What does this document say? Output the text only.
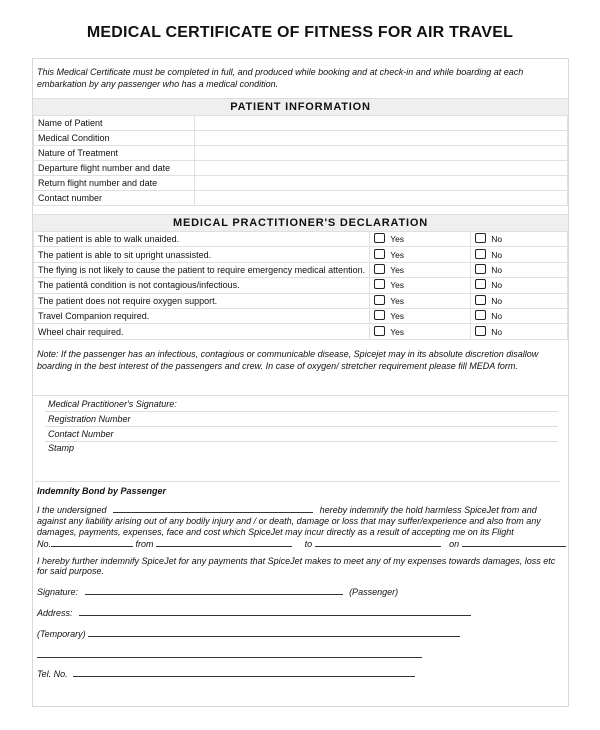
MEDICAL CERTIFICATE OF FITNESS FOR AIR TRAVEL
This Medical Certificate must be completed in full, and produced while booking and at check-in and while boarding at each
embarkation by any passenger who has a medical condition.
PATIENT INFORMATION
Name of Patient	
Medical Condition	
Nature of Treatment	
Departure flight number and date	
Return flight number and date	
Contact number	
MEDICAL PRACTITIONER'S DECLARATION
The patient is able to walk unaided.	Yes	No
The patient is able to sit upright unassisted.	Yes	No
The flying is not likely to cause the patient to require emergency medical attention.	Yes	No
The patientâ condition is not contagious/infectious.	Yes	No
The patient does not require oxygen support.	Yes	No
Travel Companion required.	Yes	No
Wheel chair required.	Yes	No
Note: If the passenger has an infectious, contagious or communicable disease, Spicejet may in its absolute discretion disallow
boarding in the best interest of the passengers and crew. In case of oxygen/ stretcher requirement please fill MEDA form.
Medical Practitioner's Signature:
Registration Number
Contact Number
Stamp
Indemnity Bond by Passenger
I the undersigned	hereby indemnify the hold harmless SpiceJet from and
against any liability arising out of any bodily injury and / or death, damage or loss that may suffer/experience and also from any
damages, payments, expenses, face and cost which SpiceJet may incur directly as a result of accepting me on its Flight
No.	from	to	on
I hereby further indemnify SpiceJet for any payments that SpiceJet makes to meet any of my expenses towards damages, loss etc
for said purpose.
Signature:	(Passenger)
Address:
(Temporary)
Tel. No.
